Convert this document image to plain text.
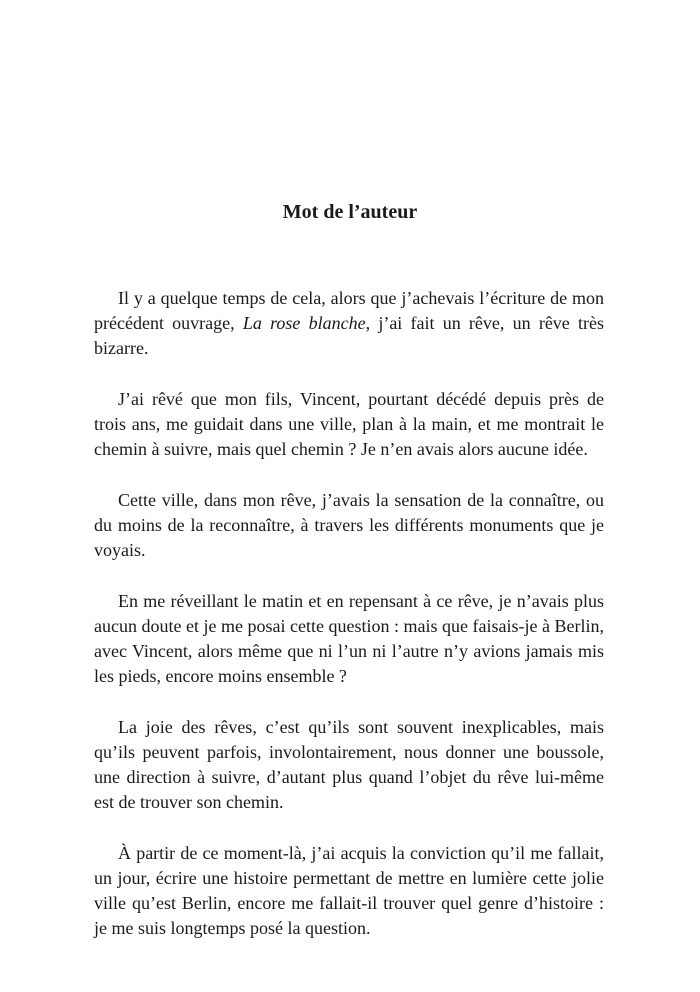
Mot de l’auteur

Il y a quelque temps de cela, alors que j’achevais l’écriture de mon précédent ouvrage, La rose blanche, j’ai fait un rêve, un rêve très bizarre.

J’ai rêvé que mon fils, Vincent, pourtant décédé depuis près de trois ans, me guidait dans une ville, plan à la main, et me montrait le chemin à suivre, mais quel chemin ? Je n’en avais alors aucune idée.

Cette ville, dans mon rêve, j’avais la sensation de la connaître, ou du moins de la reconnaître, à travers les différents monuments que je voyais.

En me réveillant le matin et en repensant à ce rêve, je n’avais plus aucun doute et je me posai cette question : mais que faisais-je à Berlin, avec Vincent, alors même que ni l’un ni l’autre n’y avions jamais mis les pieds, encore moins ensemble ?

La joie des rêves, c’est qu’ils sont souvent inexplicables, mais qu’ils peuvent parfois, involontairement, nous donner une boussole, une direction à suivre, d’autant plus quand l’objet du rêve lui-même est de trouver son chemin.

À partir de ce moment-là, j’ai acquis la conviction qu’il me fallait, un jour, écrire une histoire permettant de mettre en lumière cette jolie ville qu’est Berlin, encore me fallait-il trouver quel genre d’histoire : je me suis longtemps posé la question.
